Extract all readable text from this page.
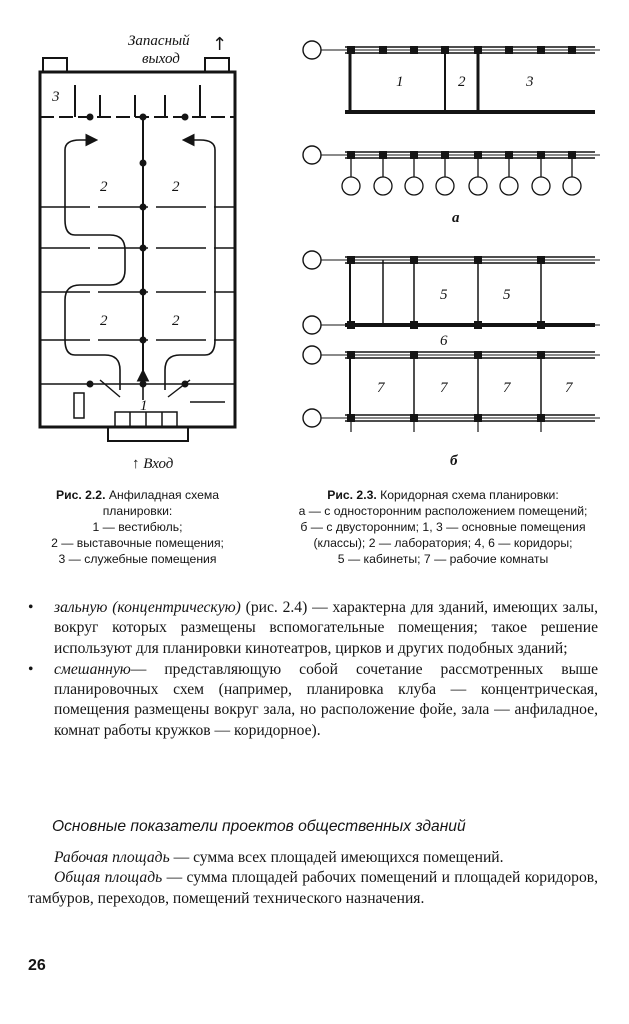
Запасный
выход
↑
3
2	2
2	2
1
↑ Вход
1	2	3
а
5	5
6
7	7	7	7
б
Рис. 2.2. Анфиладная схема
планировки:
1 — вестибюль;
2 — выставочные помещения;
3 — служебные помещения
Рис. 2.3. Коридорная схема планировки:
а — с односторонним расположением помещений;
б — с двусторонним; 1, 3 — основные помещения
(классы); 2 — лаборатория; 4, 6 — коридоры;
5 — кабинеты; 7 — рабочие комнаты
• зальную (концентрическую) (рис. 2.4) — характерна для зданий, имеющих залы, вокруг которых размещены вспомогательные помещения; такое решение используют для планировки кинотеатров, цирков и других подобных зданий;
• смешанную— представляющую собой сочетание рассмотренных выше планировочных схем (например, планировка клуба — концентрическая, помещения размещены вокруг зала, но расположение фойе, зала — анфиладное, комнат работы кружков — коридорное).
Основные показатели проектов общественных зданий

Рабочая площадь — сумма всех площадей имеющихся помещений.

Общая площадь — сумма площадей рабочих помещений и площадей коридоров, тамбуров, переходов, помещений технического назначения.

26
